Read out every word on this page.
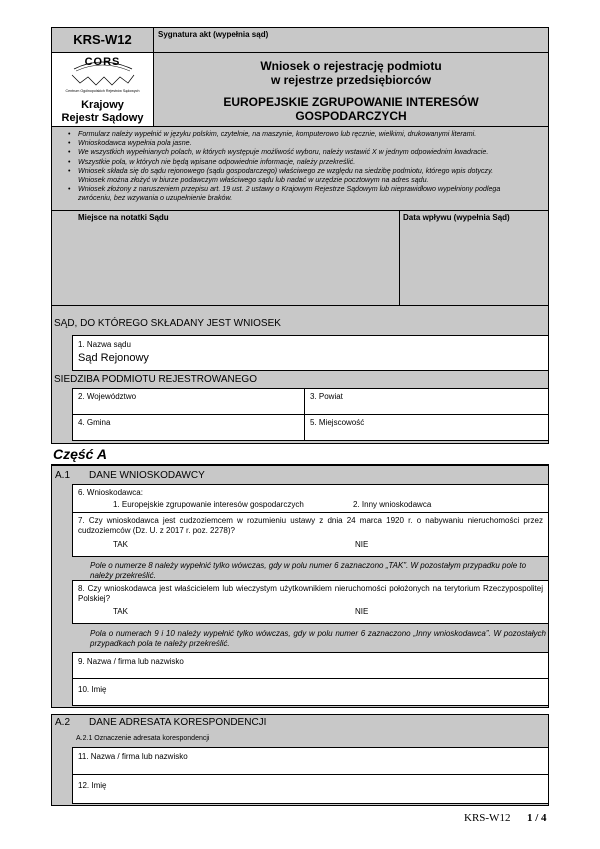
KRS-W12	Sygnatura akt (wypełnia sąd)
CORS
Centrum Ogólnopolskich Rejestrów Sądowych
Krajowy
Rejestr Sądowy
Wniosek o rejestrację podmiotu
w rejestrze przedsiębiorców
EUROPEJSKIE ZGRUPOWANIE INTERESÓW
GOSPODARCZYCH
• Formularz należy wypełnić w języku polskim, czytelnie, na maszynie, komputerowo lub ręcznie, wielkimi, drukowanymi literami.
• Wnioskodawca wypełnia pola jasne.
• We wszystkich wypełnianych polach, w których występuje możliwość wyboru, należy wstawić X w jednym odpowiednim kwadracie.
• Wszystkie pola, w których nie będą wpisane odpowiednie informacje, należy przekreślić.
• Wniosek składa się do sądu rejonowego (sądu gospodarczego) właściwego ze względu na siedzibę podmiotu, którego wpis dotyczy.
Wniosek można złożyć w biurze podawczym właściwego sądu lub nadać w urzędzie pocztowym na adres sądu.
• Wniosek złożony z naruszeniem przepisu art. 19 ust. 2 ustawy o Krajowym Rejestrze Sądowym lub nieprawidłowo wypełniony podlega
zwróceniu, bez wzywania o uzupełnienie braków.
Miejsce na notatki Sądu	Data wpływu (wypełnia Sąd)
SĄD, DO KTÓREGO SKŁADANY JEST WNIOSEK
1. Nazwa sądu
Sąd Rejonowy
SIEDZIBA PODMIOTU REJESTROWANEGO
2. Województwo	3. Powiat
4. Gmina	5. Miejscowość
Część A
A.1 DANE WNIOSKODAWCY
6. Wnioskodawca:
1. Europejskie zgrupowanie interesów gospodarczych	2. Inny wnioskodawca
7. Czy wnioskodawca jest cudzoziemcem w rozumieniu ustawy z dnia 24 marca 1920 r. o nabywaniu nieruchomości przez cudzoziemców (Dz. U. z 2017 r. poz. 2278)?
TAK	NIE
Pole o numerze 8 należy wypełnić tylko wówczas, gdy w polu numer 6 zaznaczono „TAK”. W pozostałym przypadku pole to należy przekreślić.
8. Czy wnioskodawca jest właścicielem lub wieczystym użytkownikiem nieruchomości położonych na terytorium Rzeczypospolitej Polskiej?
TAK	NIE
Pola o numerach 9 i 10 należy wypełnić tylko wówczas, gdy w polu numer 6 zaznaczono „Inny wnioskodawca”. W pozostałych przypadkach pola te należy przekreślić.
9. Nazwa / firma lub nazwisko
10. Imię
A.2 DANE ADRESATA KORESPONDENCJI
A.2.1 Oznaczenie adresata korespondencji
11. Nazwa / firma lub nazwisko
12. Imię
KRS-W12 1 / 4
